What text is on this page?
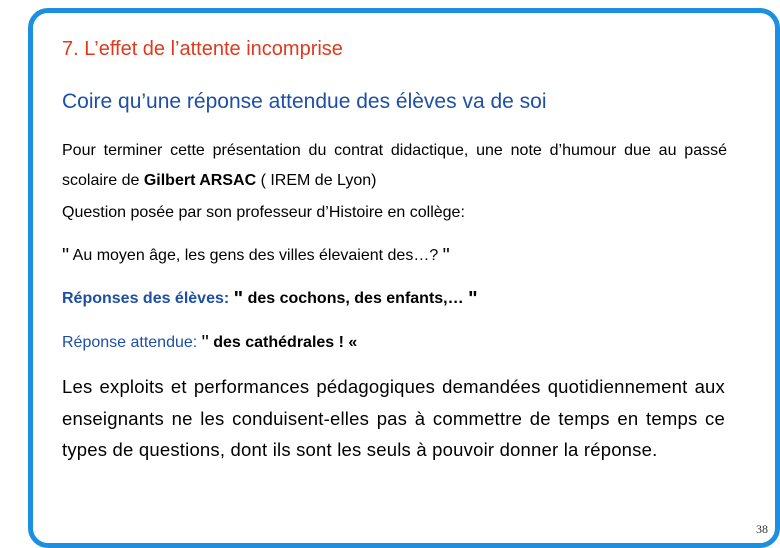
7. L’effet de l’attente incomprise
Coire qu’une réponse attendue des élèves va de soi
Pour terminer cette présentation du contrat didactique, une note d’humour due au passé scolaire de Gilbert ARSAC ( IREM de Lyon)
Question posée par son professeur d’Histoire en collège:
" Au moyen âge, les gens des villes élevaient des…? "
Réponses des élèves: " des cochons, des enfants,… "
Réponse attendue: " des cathédrales ! «
Les exploits et performances pédagogiques demandées quotidiennement aux enseignants ne les conduisent-elles pas à commettre de temps en temps ce types de questions, dont ils sont les seuls à pouvoir donner la réponse.
38
